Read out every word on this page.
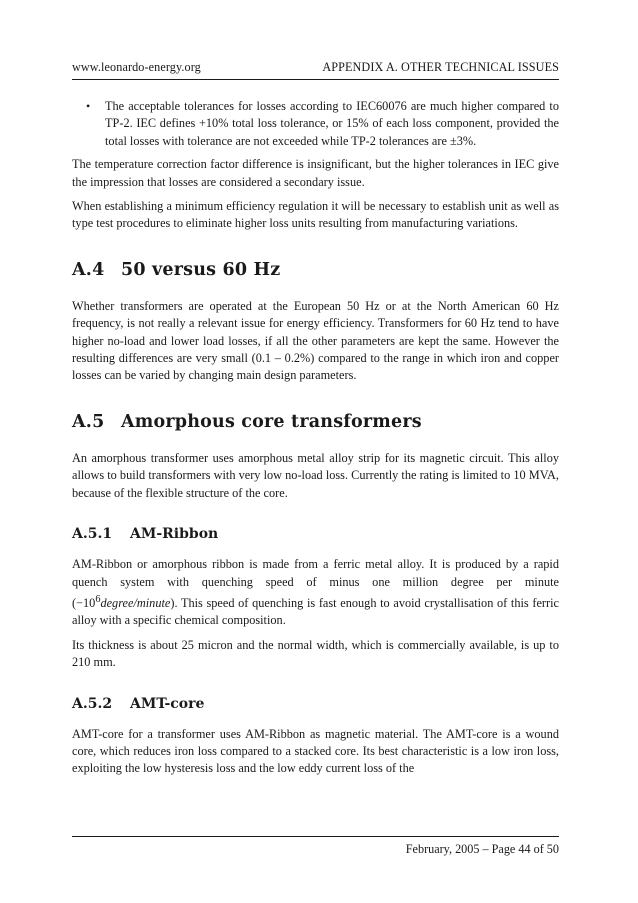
www.leonardo-energy.org	APPENDIX A. OTHER TECHNICAL ISSUES
• The acceptable tolerances for losses according to IEC60076 are much higher compared to TP-2. IEC defines +10% total loss tolerance, or 15% of each loss component, provided the total losses with tolerance are not exceeded while TP-2 tolerances are ±3%.

The temperature correction factor difference is insignificant, but the higher tolerances in IEC give the impression that losses are considered a secondary issue.

When establishing a minimum efficiency regulation it will be necessary to establish unit as well as type test procedures to eliminate higher loss units resulting from manufacturing variations.

A.4 50 versus 60 Hz

Whether transformers are operated at the European 50 Hz or at the North American 60 Hz frequency, is not really a relevant issue for energy efficiency. Transformers for 60 Hz tend to have higher no-load and lower load losses, if all the other parameters are kept the same. However the resulting differences are very small (0.1 – 0.2%) compared to the range in which iron and copper losses can be varied by changing main design parameters.

A.5 Amorphous core transformers

An amorphous transformer uses amorphous metal alloy strip for its magnetic circuit. This alloy allows to build transformers with very low no-load loss. Currently the rating is limited to 10 MVA, because of the flexible structure of the core.

A.5.1 AM-Ribbon

AM-Ribbon or amorphous ribbon is made from a ferric metal alloy. It is produced by a rapid quench system with quenching speed of minus one million degree per minute $(-10^6degree/minute)$. This speed of quenching is fast enough to avoid crystallisation of this ferric alloy with a specific chemical composition.

Its thickness is about 25 micron and the normal width, which is commercially available, is up to 210 mm.

A.5.2 AMT-core

AMT-core for a transformer uses AM-Ribbon as magnetic material. The AMT-core is a wound core, which reduces iron loss compared to a stacked core. Its best characteristic is a low iron loss, exploiting the low hysteresis loss and the low eddy current loss of the

February, 2005 – Page 44 of 50
